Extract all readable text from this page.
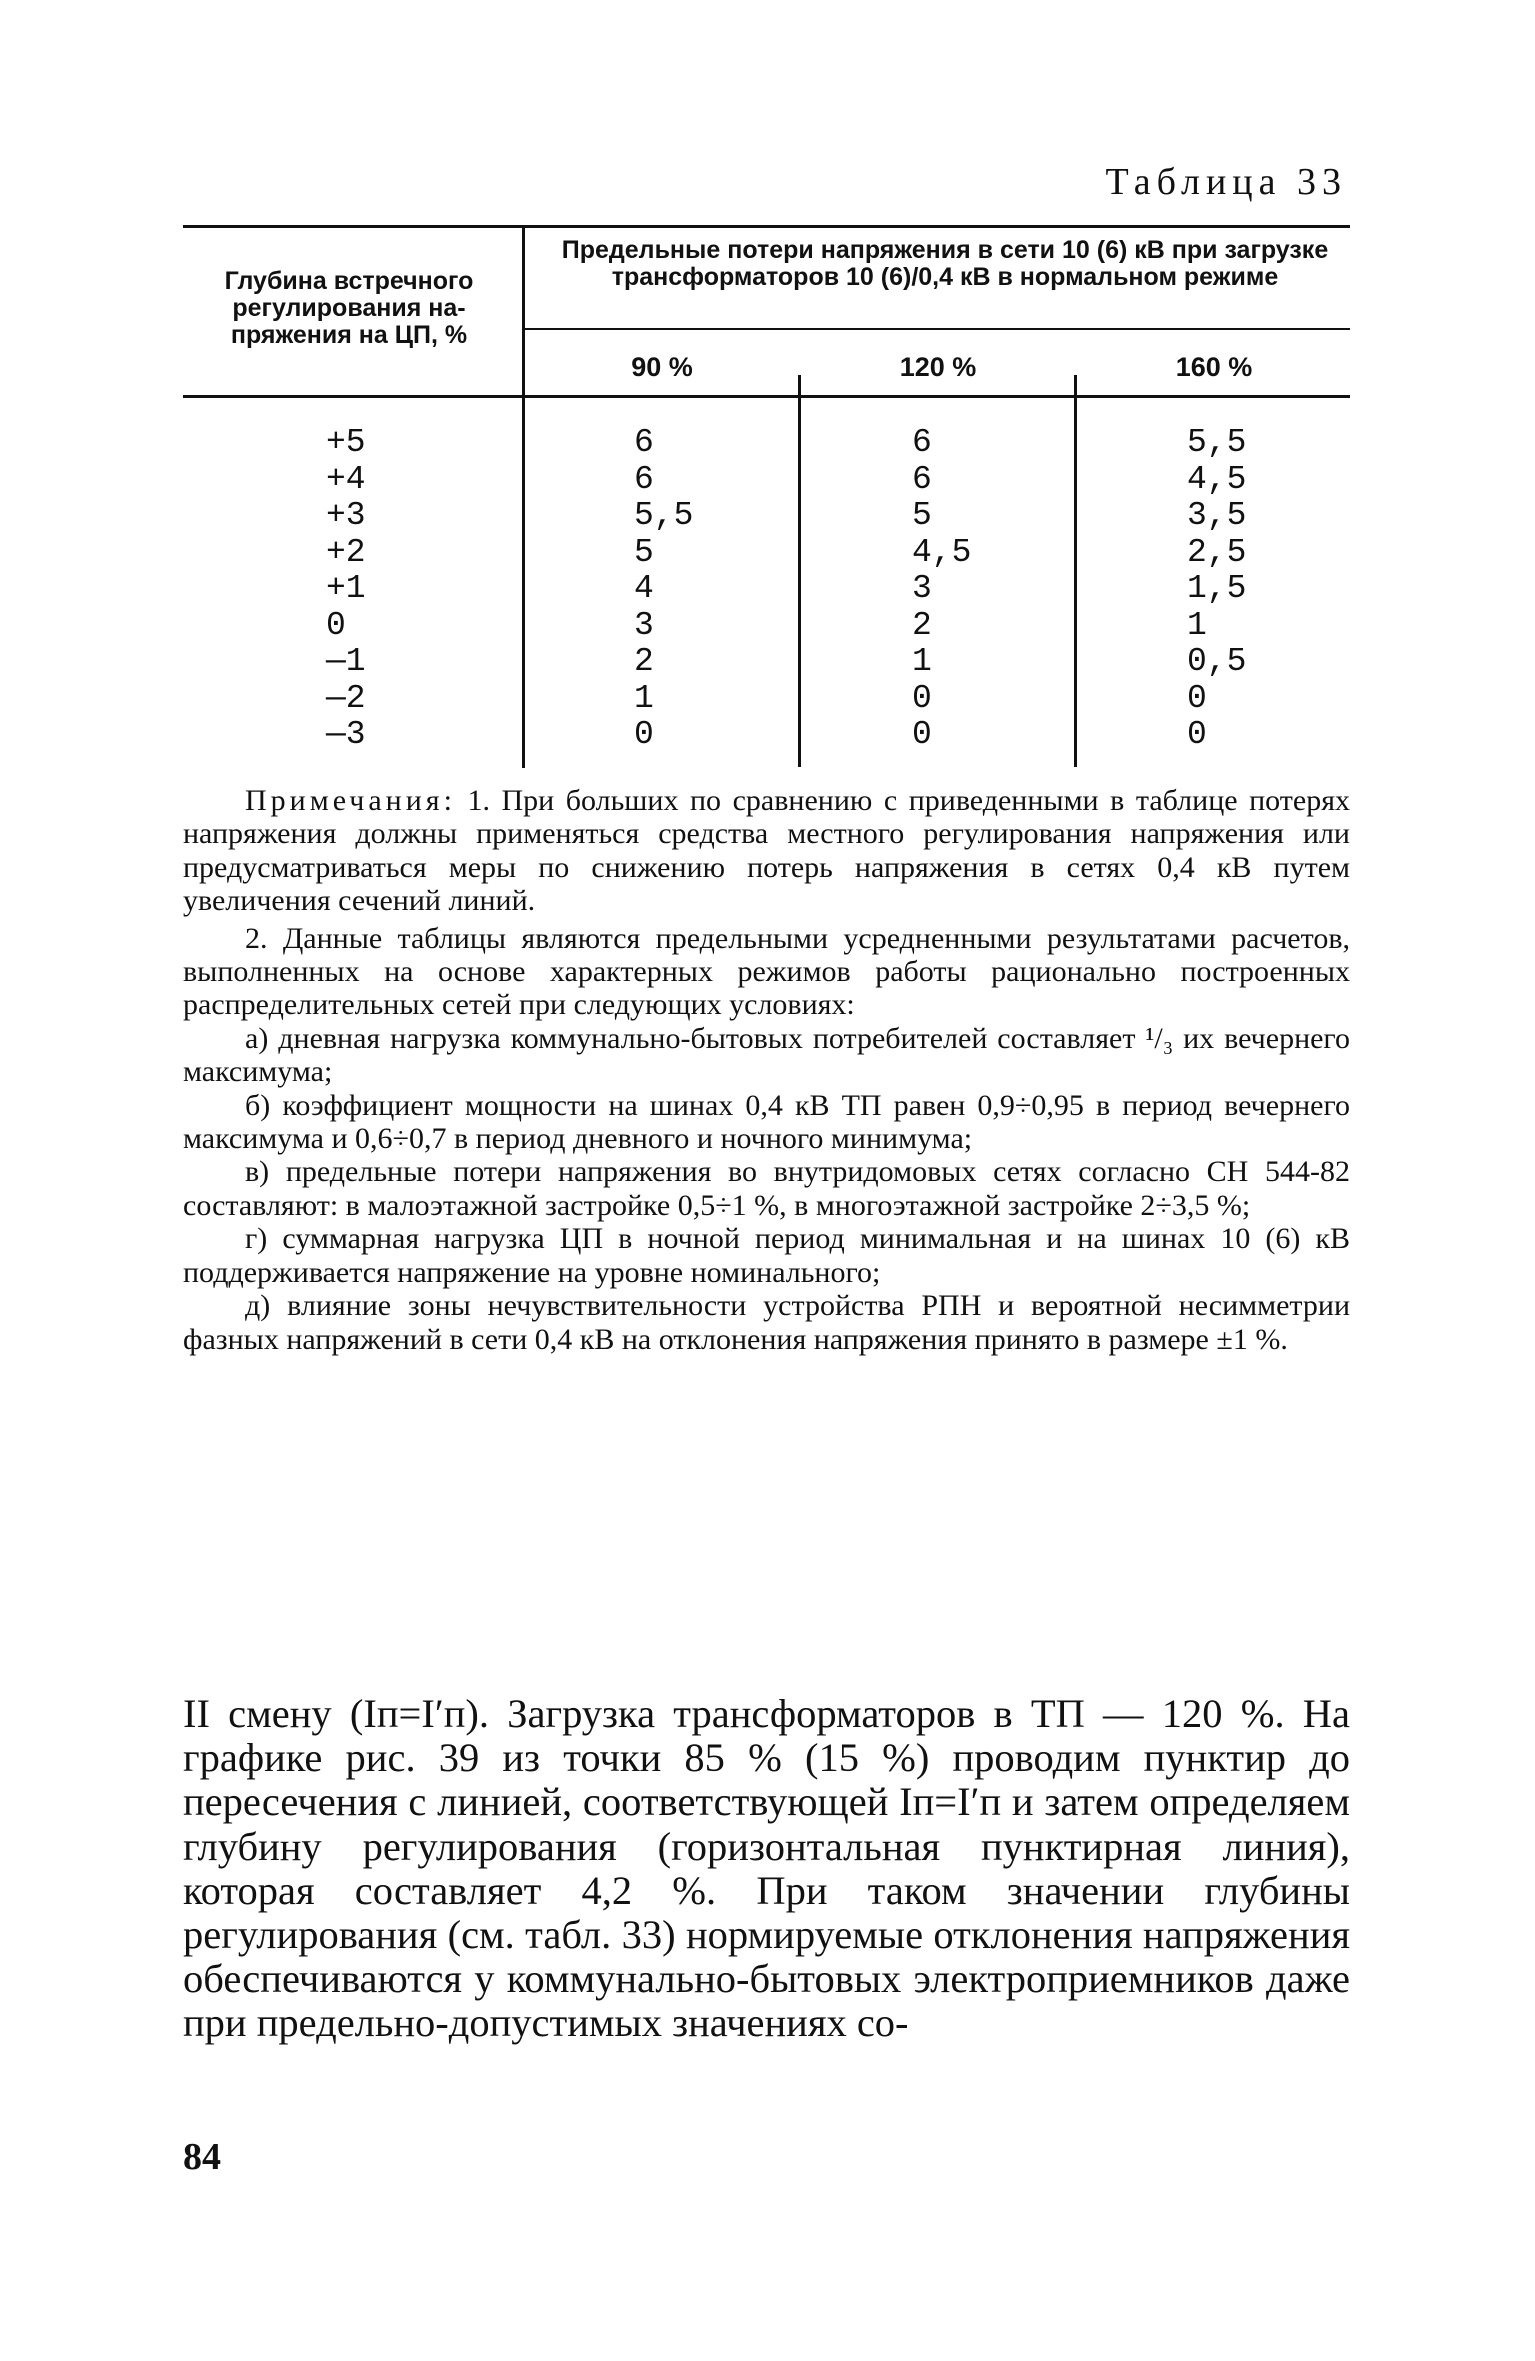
Таблица 33
Глубина встречного регулирования на-пряжения на ЦП, %
Предельные потери напряжения в сети 10 (6) кВ при загрузке трансформаторов 10 (6)/0,4 кВ в нормальном режиме
90 %	120 %	160 %
+5
+4
+3
+2
+1
0
—1
—2
—3
6
6
5,5
5
4
3
2
1
0
6
6
5
4,5
3
2
1
0
0
5,5
4,5
3,5
2,5
1,5
1
0,5
0
0

Примечания: 1. При больших по сравнению с приведенными в таблице потерях напряжения должны применяться средства местного регулирования напряжения или предусматриваться меры по снижению потерь напряжения в сетях 0,4 кВ путем увеличения сечений линий.

2. Данные таблицы являются предельными усредненными результатами расчетов, выполненных на основе характерных режимов работы рационально построенных распределительных сетей при следующих условиях:

а) дневная нагрузка коммунально-бытовых потребителей составляет ¹/₃ их вечернего максимума;

б) коэффициент мощности на шинах 0,4 кВ ТП равен 0,9÷0,95 в период вечернего максимума и 0,6÷0,7 в период дневного и ночного минимума;

в) предельные потери напряжения во внутридомовых сетях согласно СН 544-82 составляют: в малоэтажной застройке 0,5÷1 %, в многоэтажной застройке 2÷3,5 %;

г) суммарная нагрузка ЦП в ночной период минимальная и на шинах 10 (6) кВ поддерживается напряжение на уровне номинального;

д) влияние зоны нечувствительности устройства РПН и вероятной несимметрии фазных напряжений в сети 0,4 кВ на отклонения напряжения принято в размере ±1 %.

II смену (Iп=I′п). Загрузка трансформаторов в ТП — 120 %. На графике рис. 39 из точки 85 % (15 %) проводим пунктир до пересечения с линией, соответствующей Iп=I′п и затем определяем глубину регулирования (горизонтальная пунктирная линия), которая составляет 4,2 %. При таком значении глубины регулирования (см. табл. 33) нормируемые отклонения напряжения обеспечиваются у коммунально-бытовых электроприемников даже при предельно-допустимых значениях со-

84
